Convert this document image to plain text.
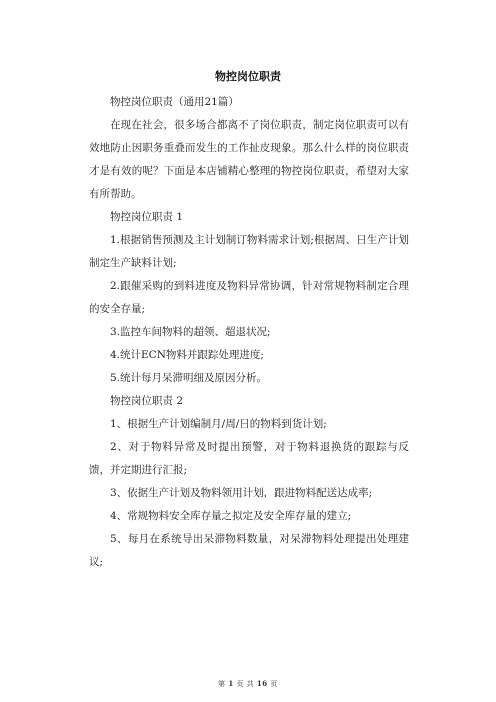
物控岗位职责

物控岗位职责（通用21篇）

在现在社会，很多场合都离不了岗位职责，制定岗位职责可以有效地防止因职务重叠而发生的工作扯皮现象。那么什么样的岗位职责才是有效的呢？下面是本店铺精心整理的物控岗位职责，希望对大家有所帮助。

物控岗位职责 1

1.根据销售预测及主计划制订物料需求计划;根据周、日生产计划制定生产缺料计划;

2.跟催采购的到料进度及物料异常协调，针对常规物料制定合理的安全存量;

3.监控车间物料的超领、超退状况;

4.统计ECN物料并跟踪处理进度;

5.统计每月呆滞明细及原因分析。

物控岗位职责 2

1、根据生产计划编制月/周/日的物料到货计划;

2、对于物料异常及时提出预警，对于物料退换货的跟踪与反馈，并定期进行汇报;

3、依据生产计划及物料领用计划，跟进物料配送达成率;

4、常规物料安全库存量之拟定及安全库存量的建立;

5、每月在系统导出呆滞物料数量，对呆滞物料处理提出处理建议;

第 1 页 共 16 页
